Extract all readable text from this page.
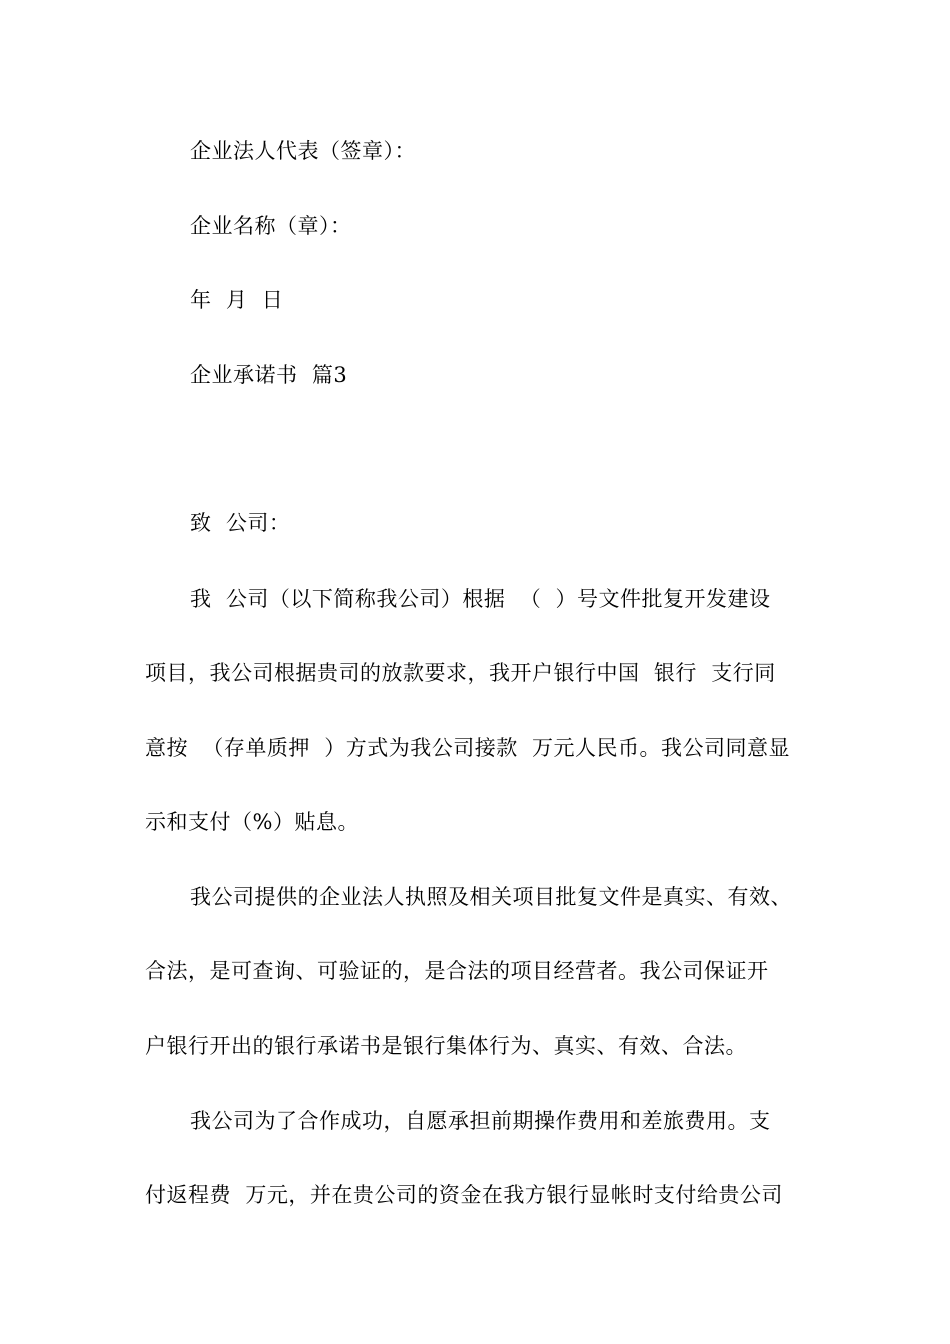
企业法人代表（签章）：
企业名称（章）：
年  月  日
企业承诺书  篇3
致  公司：
我  公司（以下简称我公司）根据  （  ）号文件批复开发建设
项目，我公司根据贵司的放款要求，我开户银行中国  银行  支行同
意按  （存单质押  ）方式为我公司接款  万元人民币。我公司同意显
示和支付（%）贴息。
我公司提供的企业法人执照及相关项目批复文件是真实、有效、
合法，是可查询、可验证的，是合法的项目经营者。我公司保证开
户银行开出的银行承诺书是银行集体行为、真实、有效、合法。
我公司为了合作成功，自愿承担前期操作费用和差旅费用。支
付返程费  万元，并在贵公司的资金在我方银行显帐时支付给贵公司
